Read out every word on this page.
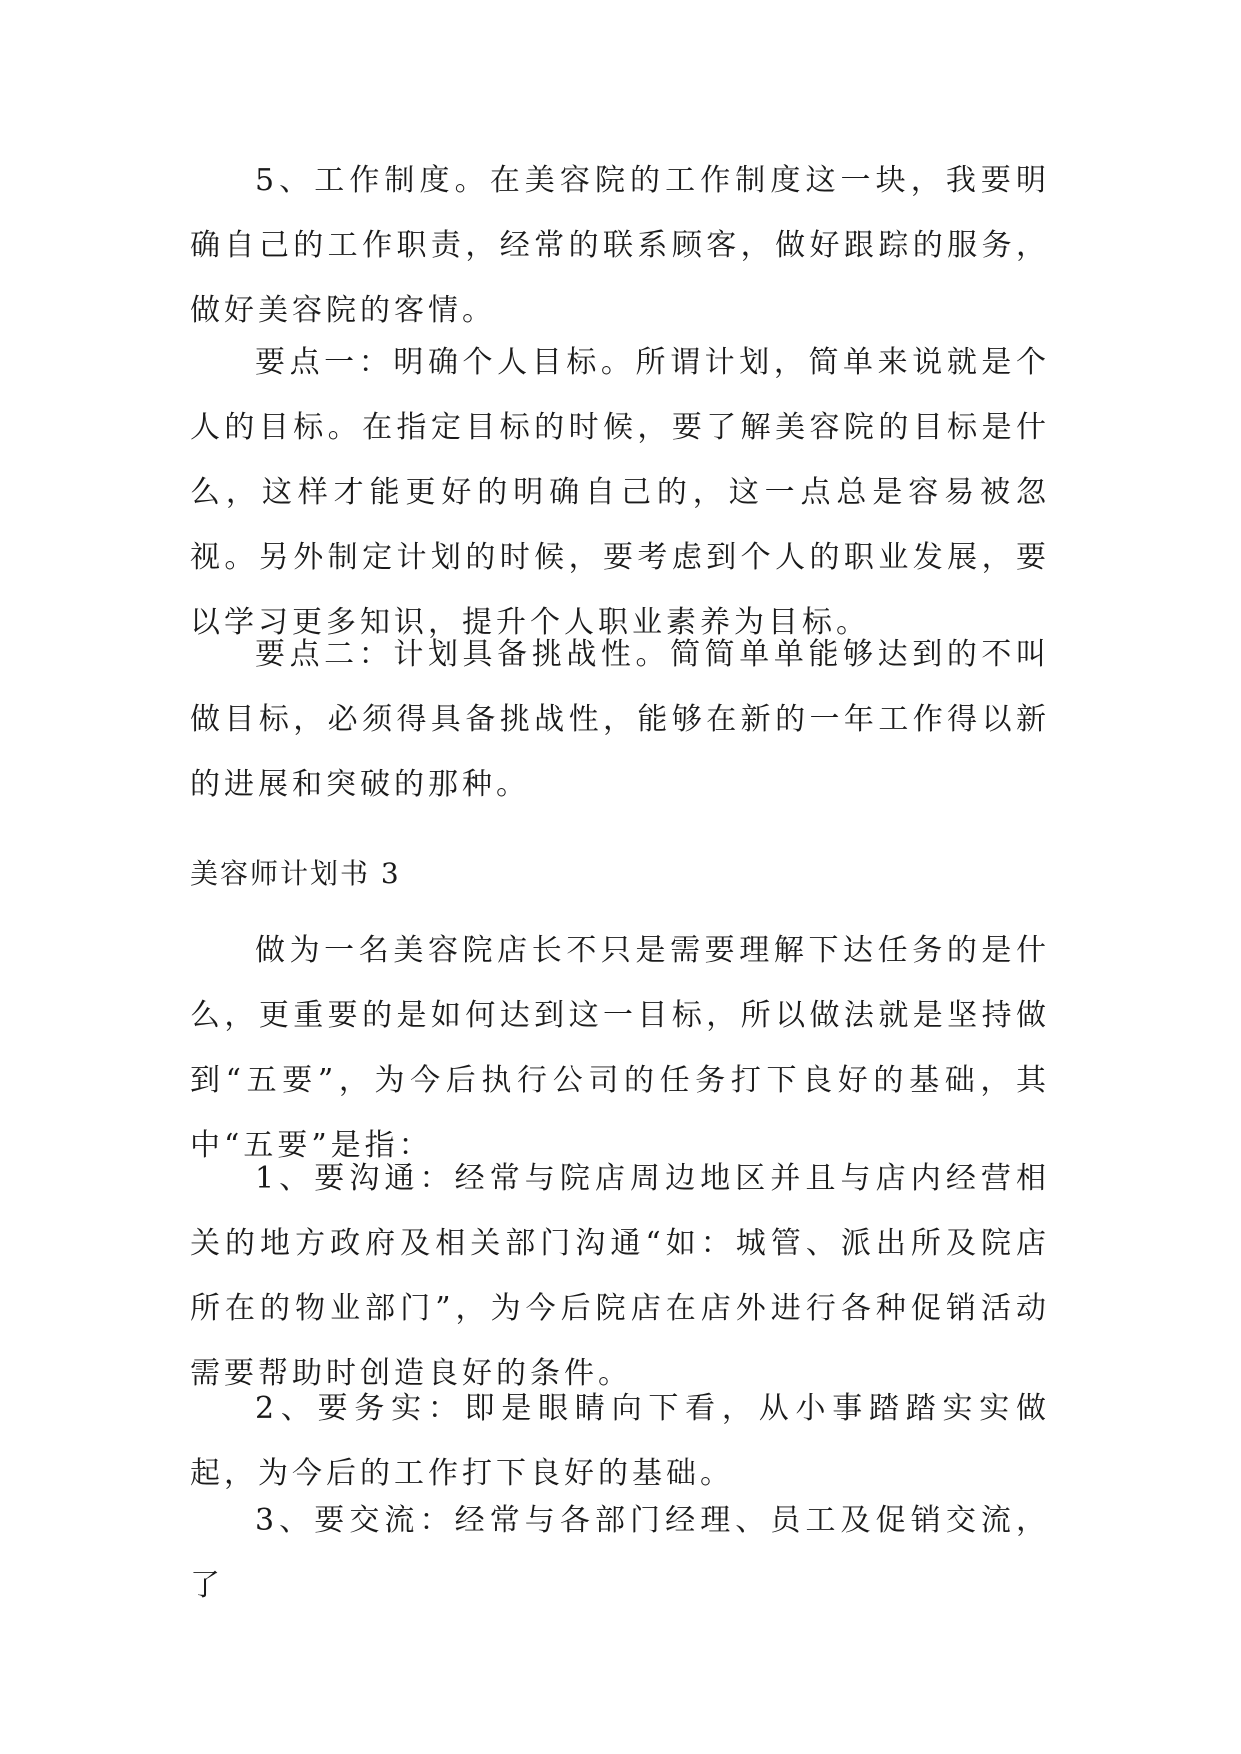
5、工作制度。在美容院的工作制度这一块，我要明确自己的工作职责，经常的联系顾客，做好跟踪的服务，做好美容院的客情。

要点一：明确个人目标。所谓计划，简单来说就是个人的目标。在指定目标的时候，要了解美容院的目标是什么，这样才能更好的明确自己的，这一点总是容易被忽视。另外制定计划的时候，要考虑到个人的职业发展，要以学习更多知识，提升个人职业素养为目标。

要点二：计划具备挑战性。简简单单能够达到的不叫做目标，必须得具备挑战性，能够在新的一年工作得以新的进展和突破的那种。

美容师计划书 3

做为一名美容院店长不只是需要理解下达任务的是什么，更重要的是如何达到这一目标，所以做法就是坚持做到“五要”，为今后执行公司的任务打下良好的基础，其中“五要”是指：

1、要沟通：经常与院店周边地区并且与店内经营相关的地方政府及相关部门沟通“如：城管、派出所及院店所在的物业部门”，为今后院店在店外进行各种促销活动需要帮助时创造良好的条件。

2、要务实：即是眼睛向下看，从小事踏踏实实做起，为今后的工作打下良好的基础。

3、要交流：经常与各部门经理、员工及促销交流，了
